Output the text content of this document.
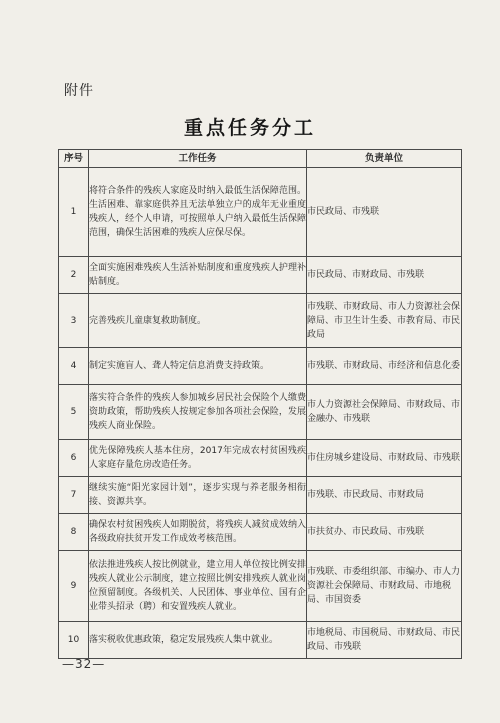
附件
重点任务分工
序号	工作任务	负责单位
1	将符合条件的残疾人家庭及时纳入最低生活保障范围。生活困难、靠家庭供养且无法单独立户的成年无业重度残疾人，经个人申请，可按照单人户纳入最低生活保障范围，确保生活困难的残疾人应保尽保。	市民政局、市残联
2	全面实施困难残疾人生活补贴制度和重度残疾人护理补贴制度。	市民政局、市财政局、市残联
3	完善残疾儿童康复救助制度。	市残联、市财政局、市人力资源社会保障局、市卫生计生委、市教育局、市民政局
4	制定实施盲人、聋人特定信息消费支持政策。	市残联、市财政局、市经济和信息化委
5	落实符合条件的残疾人参加城乡居民社会保险个人缴费资助政策，帮助残疾人按规定参加各项社会保险，发展残疾人商业保险。	市人力资源社会保障局、市财政局、市金融办、市残联
6	优先保障残疾人基本住房，2017年完成农村贫困残疾人家庭存量危房改造任务。	市住房城乡建设局、市财政局、市残联
7	继续实施“阳光家园计划”，逐步实现与养老服务相衔接、资源共享。	市残联、市民政局、市财政局
8	确保农村贫困残疾人如期脱贫，将残疾人减贫成效纳入各级政府扶贫开发工作成效考核范围。	市扶贫办、市民政局、市残联
9	依法推进残疾人按比例就业，建立用人单位按比例安排残疾人就业公示制度，建立按照比例安排残疾人就业岗位预留制度。各级机关、人民团体、事业单位、国有企业带头招录（聘）和安置残疾人就业。	市残联、市委组织部、市编办、市人力资源社会保障局、市财政局、市地税局、市国资委
10	落实税收优惠政策，稳定发展残疾人集中就业。	市地税局、市国税局、市财政局、市民政局、市残联
—32—
